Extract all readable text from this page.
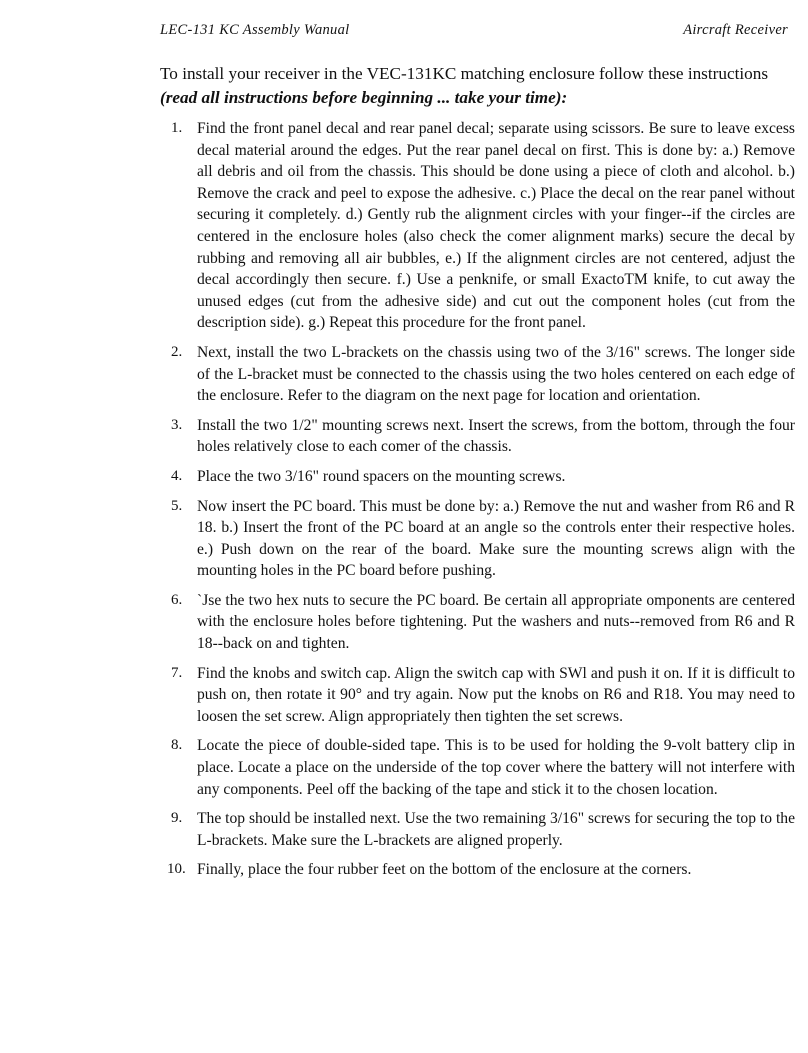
LEC-131 KC Assembly Wanual	Aircraft Receiver
To install your receiver in the VEC-131KC matching enclosure follow these instructions (read all instructions before beginning ... take your time):
1. Find the front panel decal and rear panel decal; separate using scissors. Be sure to leave excess decal material around the edges. Put the rear panel decal on first. This is done by: a.) Remove all debris and oil from the chassis. This should be done using a piece of cloth and alcohol. b.) Remove the crack and peel to expose the adhesive. c.) Place the decal on the rear panel without securing it completely. d.) Gently rub the alignment circles with your finger--if the circles are centered in the enclosure holes (also check the comer alignment marks) secure the decal by rubbing and removing all air bubbles, e.) If the alignment circles are not centered, adjust the decal accordingly then secure. f.) Use a penknife, or small ExactoTM knife, to cut away the unused edges (cut from the adhesive side) and cut out the component holes (cut from the description side). g.) Repeat this procedure for the front panel.
2. Next, install the two L-brackets on the chassis using two of the 3/16" screws. The longer side of the L-bracket must be connected to the chassis using the two holes centered on each edge of the enclosure. Refer to the diagram on the next page for location and orientation.
3. Install the two 1/2" mounting screws next. Insert the screws, from the bottom, through the four holes relatively close to each comer of the chassis.
4. Place the two 3/16" round spacers on the mounting screws.
5. Now insert the PC board. This must be done by: a.) Remove the nut and washer from R6 and R 18. b.) Insert the front of the PC board at an angle so the controls enter their respective holes. e.) Push down on the rear of the board. Make sure the mounting screws align with the mounting holes in the PC board before pushing.
6. `Jse the two hex nuts to secure the PC board. Be certain all appropriate omponents are centered with the enclosure holes before tightening. Put the washers and nuts--removed from R6 and R 18--back on and tighten.
7. Find the knobs and switch cap. Align the switch cap with SWl and push it on. If it is difficult to push on, then rotate it 90° and try again. Now put the knobs on R6 and R18. You may need to loosen the set screw. Align appropriately then tighten the set screws.
8. Locate the piece of double-sided tape. This is to be used for holding the 9-volt battery clip in place. Locate a place on the underside of the top cover where the battery will not interfere with any components. Peel off the backing of the tape and stick it to the chosen location.
9. The top should be installed next. Use the two remaining 3/16" screws for securing the top to the L-brackets. Make sure the L-brackets are aligned properly.
10. Finally, place the four rubber feet on the bottom of the enclosure at the corners.
